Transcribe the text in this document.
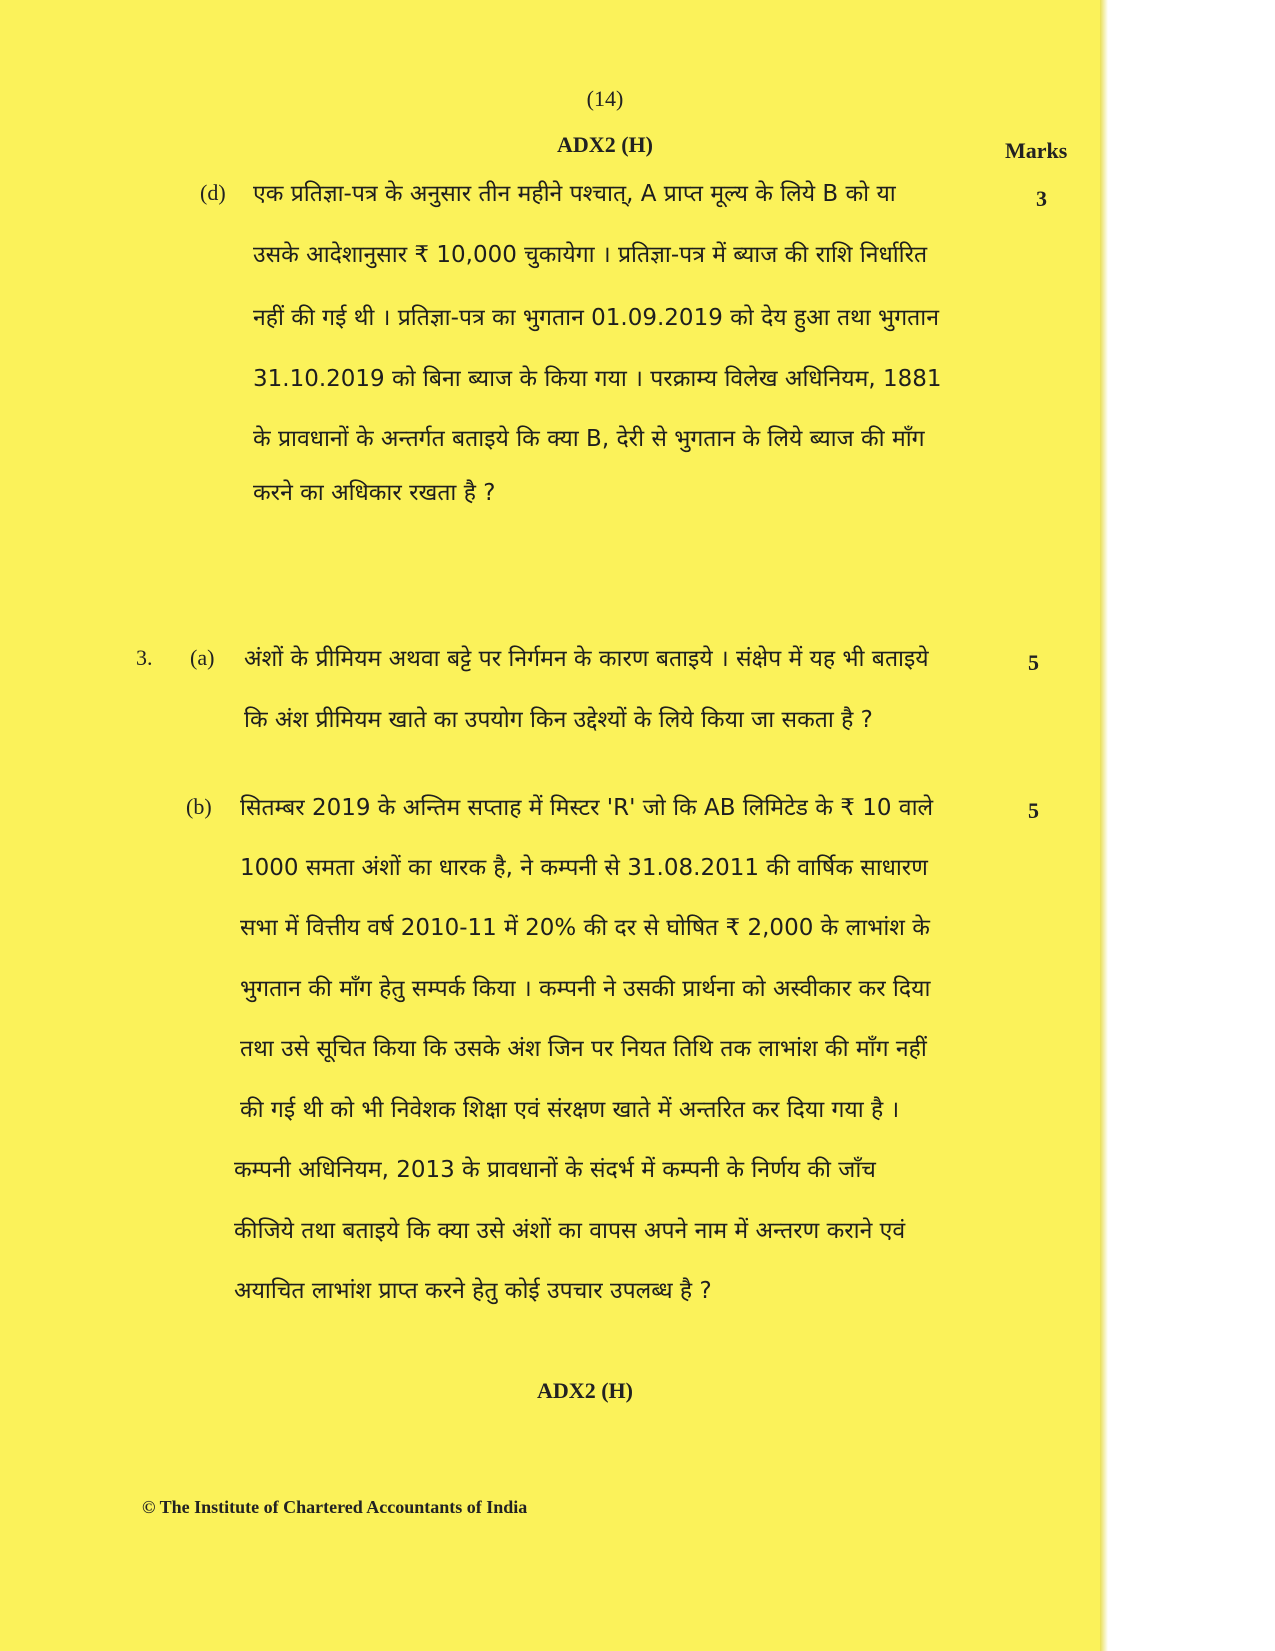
(14)
ADX2 (H)	Marks
(d)	3
एक प्रतिज्ञा-पत्र के अनुसार तीन महीने पश्चात्, A प्राप्त मूल्य के लिये B को या
उसके आदेशानुसार ₹ 10,000 चुकायेगा । प्रतिज्ञा-पत्र में ब्याज की राशि निर्धारित
नहीं की गई थी । प्रतिज्ञा-पत्र का भुगतान 01.09.2019 को देय हुआ तथा भुगतान
31.10.2019 को बिना ब्याज के किया गया । परक्राम्य विलेख अधिनियम, 1881
के प्रावधानों के अन्तर्गत बताइये कि क्या B, देरी से भुगतान के लिये ब्याज की माँग
करने का अधिकार रखता है ?
3. (a)	5
अंशों के प्रीमियम अथवा बट्टे पर निर्गमन के कारण बताइये । संक्षेप में यह भी बताइये
कि अंश प्रीमियम खाते का उपयोग किन उद्देश्यों के लिये किया जा सकता है ?
(b)	5
सितम्बर 2019 के अन्तिम सप्ताह में मिस्टर 'R' जो कि AB लिमिटेड के ₹ 10 वाले
1000 समता अंशों का धारक है, ने कम्पनी से 31.08.2011 की वार्षिक साधारण
सभा में वित्तीय वर्ष 2010-11 में 20% की दर से घोषित ₹ 2,000 के लाभांश के
भुगतान की माँग हेतु सम्पर्क किया । कम्पनी ने उसकी प्रार्थना को अस्वीकार कर दिया
तथा उसे सूचित किया कि उसके अंश जिन पर नियत तिथि तक लाभांश की माँग नहीं
की गई थी को भी निवेशक शिक्षा एवं संरक्षण खाते में अन्तरित कर दिया गया है ।
कम्पनी अधिनियम, 2013 के प्रावधानों के संदर्भ में कम्पनी के निर्णय की जाँच
कीजिये तथा बताइये कि क्या उसे अंशों का वापस अपने नाम में अन्तरण कराने एवं
अयाचित लाभांश प्राप्त करने हेतु कोई उपचार उपलब्ध है ?
ADX2 (H)
© The Institute of Chartered Accountants of India
